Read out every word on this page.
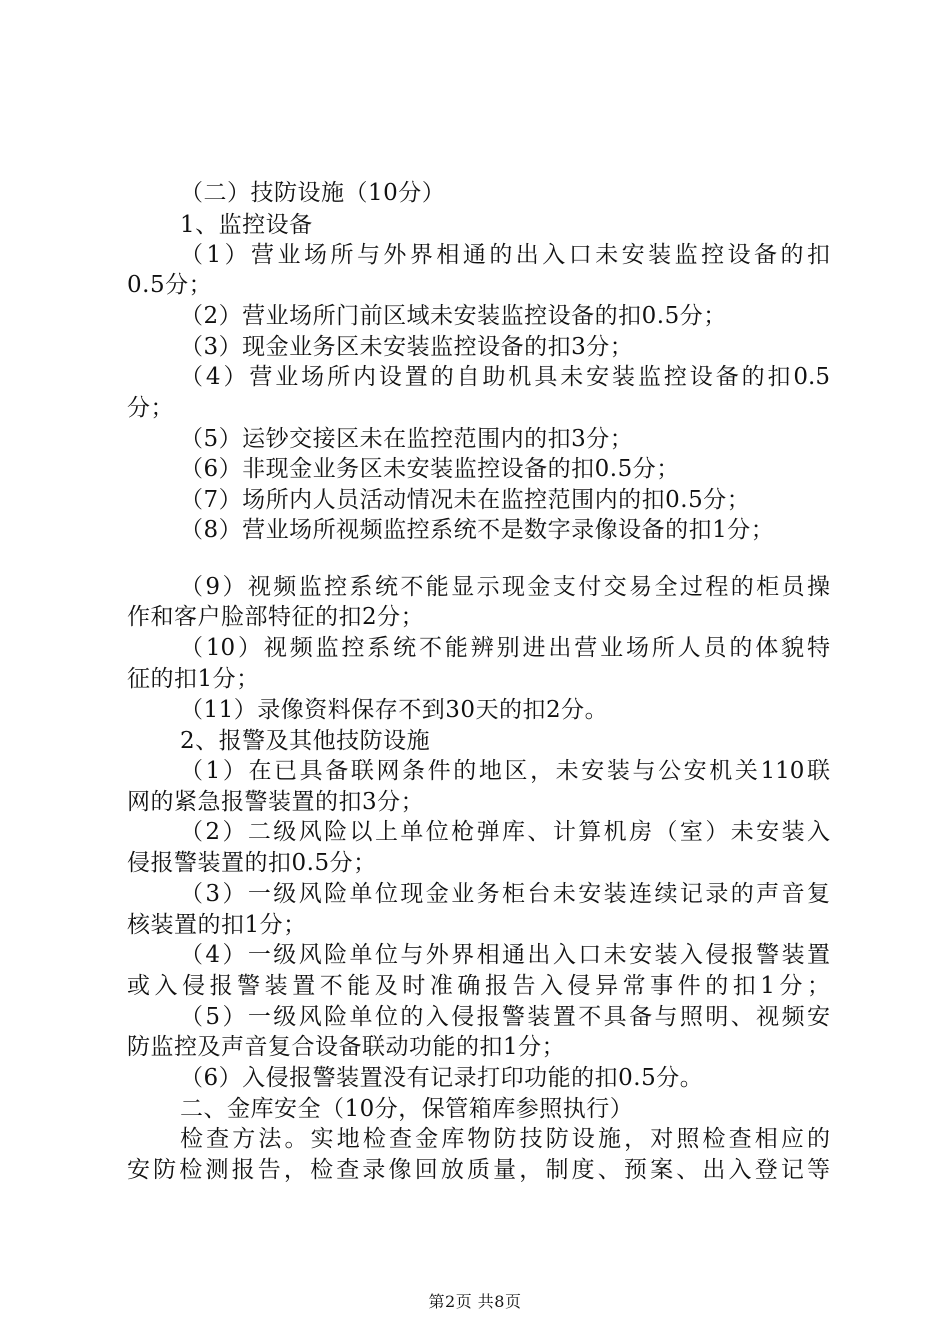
（二）技防设施（10分）
1、监控设备
（1）营业场所与外界相通的出入口未安装监控设备的扣
0.5分；
（2）营业场所门前区域未安装监控设备的扣0.5分；
（3）现金业务区未安装监控设备的扣3分；
（4）营业场所内设置的自助机具未安装监控设备的扣0.5
分；
（5）运钞交接区未在监控范围内的扣3分；
（6）非现金业务区未安装监控设备的扣0.5分；
（7）场所内人员活动情况未在监控范围内的扣0.5分；
（8）营业场所视频监控系统不是数字录像设备的扣1分；
（9）视频监控系统不能显示现金支付交易全过程的柜员操
作和客户脸部特征的扣2分；
（10）视频监控系统不能辨别进出营业场所人员的体貌特
征的扣1分；
（11）录像资料保存不到30天的扣2分。
2、报警及其他技防设施
（1）在已具备联网条件的地区，未安装与公安机关110联
网的紧急报警装置的扣3分；
（2）二级风险以上单位枪弹库、计算机房（室）未安装入
侵报警装置的扣0.5分；
（3）一级风险单位现金业务柜台未安装连续记录的声音复
核装置的扣1分；
（4）一级风险单位与外界相通出入口未安装入侵报警装置
或入侵报警装置不能及时准确报告入侵异常事件的扣1分；
（5）一级风险单位的入侵报警装置不具备与照明、视频安
防监控及声音复合设备联动功能的扣1分；
（6）入侵报警装置没有记录打印功能的扣0.5分。
二、金库安全（10分，保管箱库参照执行）
检查方法。实地检查金库物防技防设施，对照检查相应的
安防检测报告，检查录像回放质量，制度、预案、出入登记等
第2页 共8页
